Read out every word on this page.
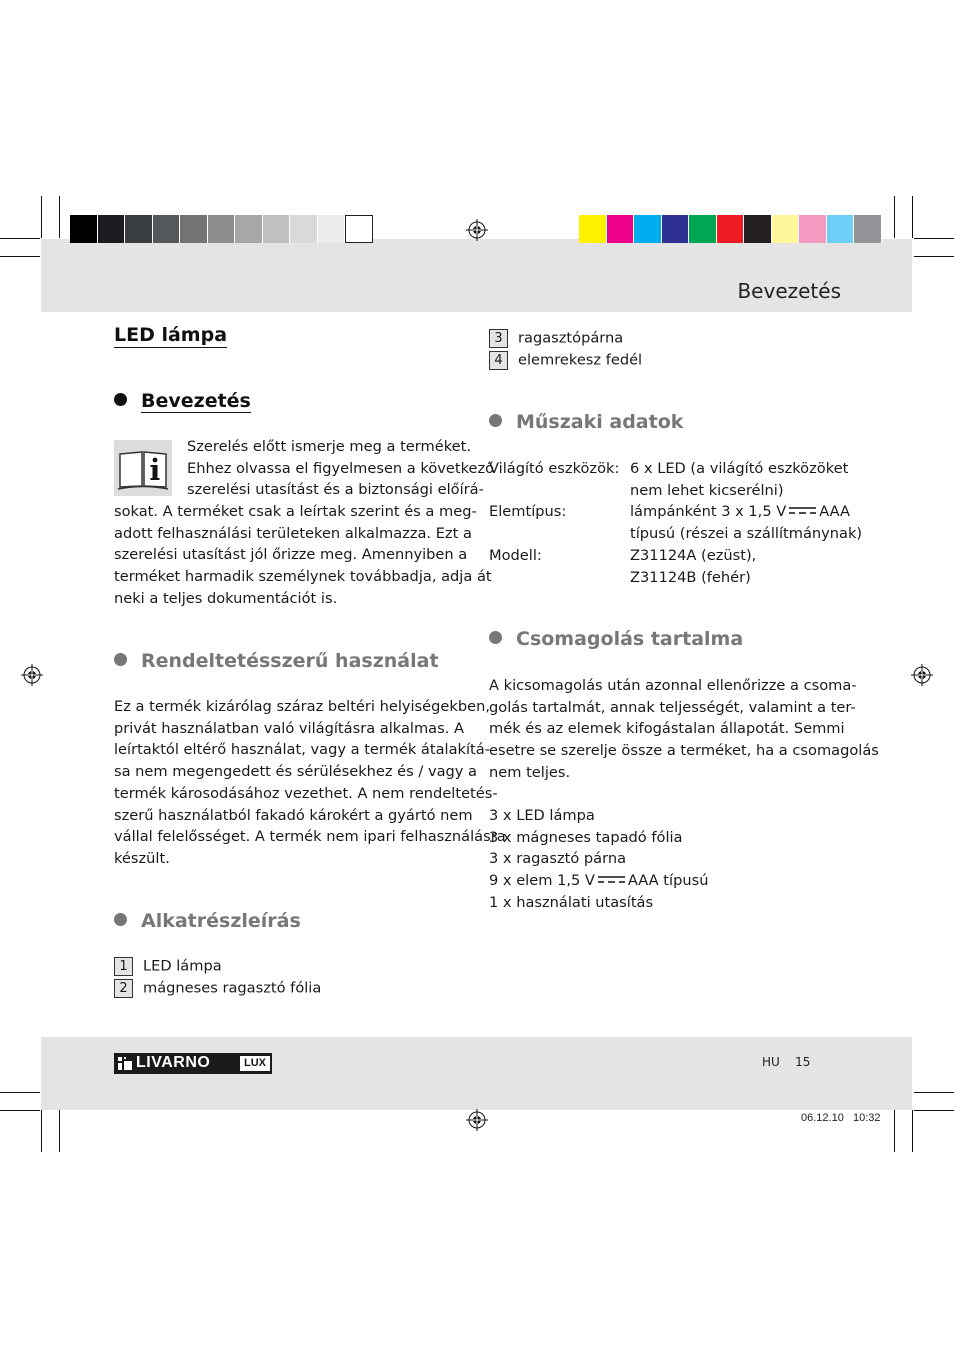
Bevezetés
LED lámpa
Bevezetés
Szerelés előtt ismerje meg a terméket.
Ehhez olvassa el figyelmesen a következő
szerelési utasítást és a biztonsági előírá-
sokat. A terméket csak a leírtak szerint és a meg-
adott felhasználási területeken alkalmazza. Ezt a
szerelési utasítást jól őrizze meg. Amennyiben a
terméket harmadik személynek továbbadja, adja át
neki a teljes dokumentációt is.
Rendeltetésszerű használat
Ez a termék kizárólag száraz beltéri helyiségekben,
privát használatban való világításra alkalmas. A
leírtaktól eltérő használat, vagy a termék átalakítá-
sa nem megengedett és sérülésekhez és / vagy a
termék károsodásához vezethet. A nem rendeltetés-
szerű használatból fakadó károkért a gyártó nem
vállal felelősséget. A termék nem ipari felhasználásra
készült.
Alkatrészleírás
1 LED lámpa
2 mágneses ragasztó fólia
3 ragasztópárna
4 elemrekesz fedél
Műszaki adatok
Világító eszközök: 6 x LED (a világító eszközöket
nem lehet kicserélni)
Elemtípus:	lámpánként 3 x 1,5 V AAA
típusú (részei a szállítmánynak)
Modell:	Z31124A (ezüst),
Z31124B (fehér)
Csomagolás tartalma
A kicsomagolás után azonnal ellenőrizze a csoma-
golás tartalmát, annak teljességét, valamint a ter-
mék és az elemek kifogástalan állapotát. Semmi
esetre se szerelje össze a terméket, ha a csomagolás
nem teljes.
3 x LED lámpa
3 x mágneses tapadó fólia
3 x ragasztó párna
9 x elem 1,5 V AAA típusú
1 x használati utasítás
LIVARNO	LUX	HU 15
06.12.10 10:32
